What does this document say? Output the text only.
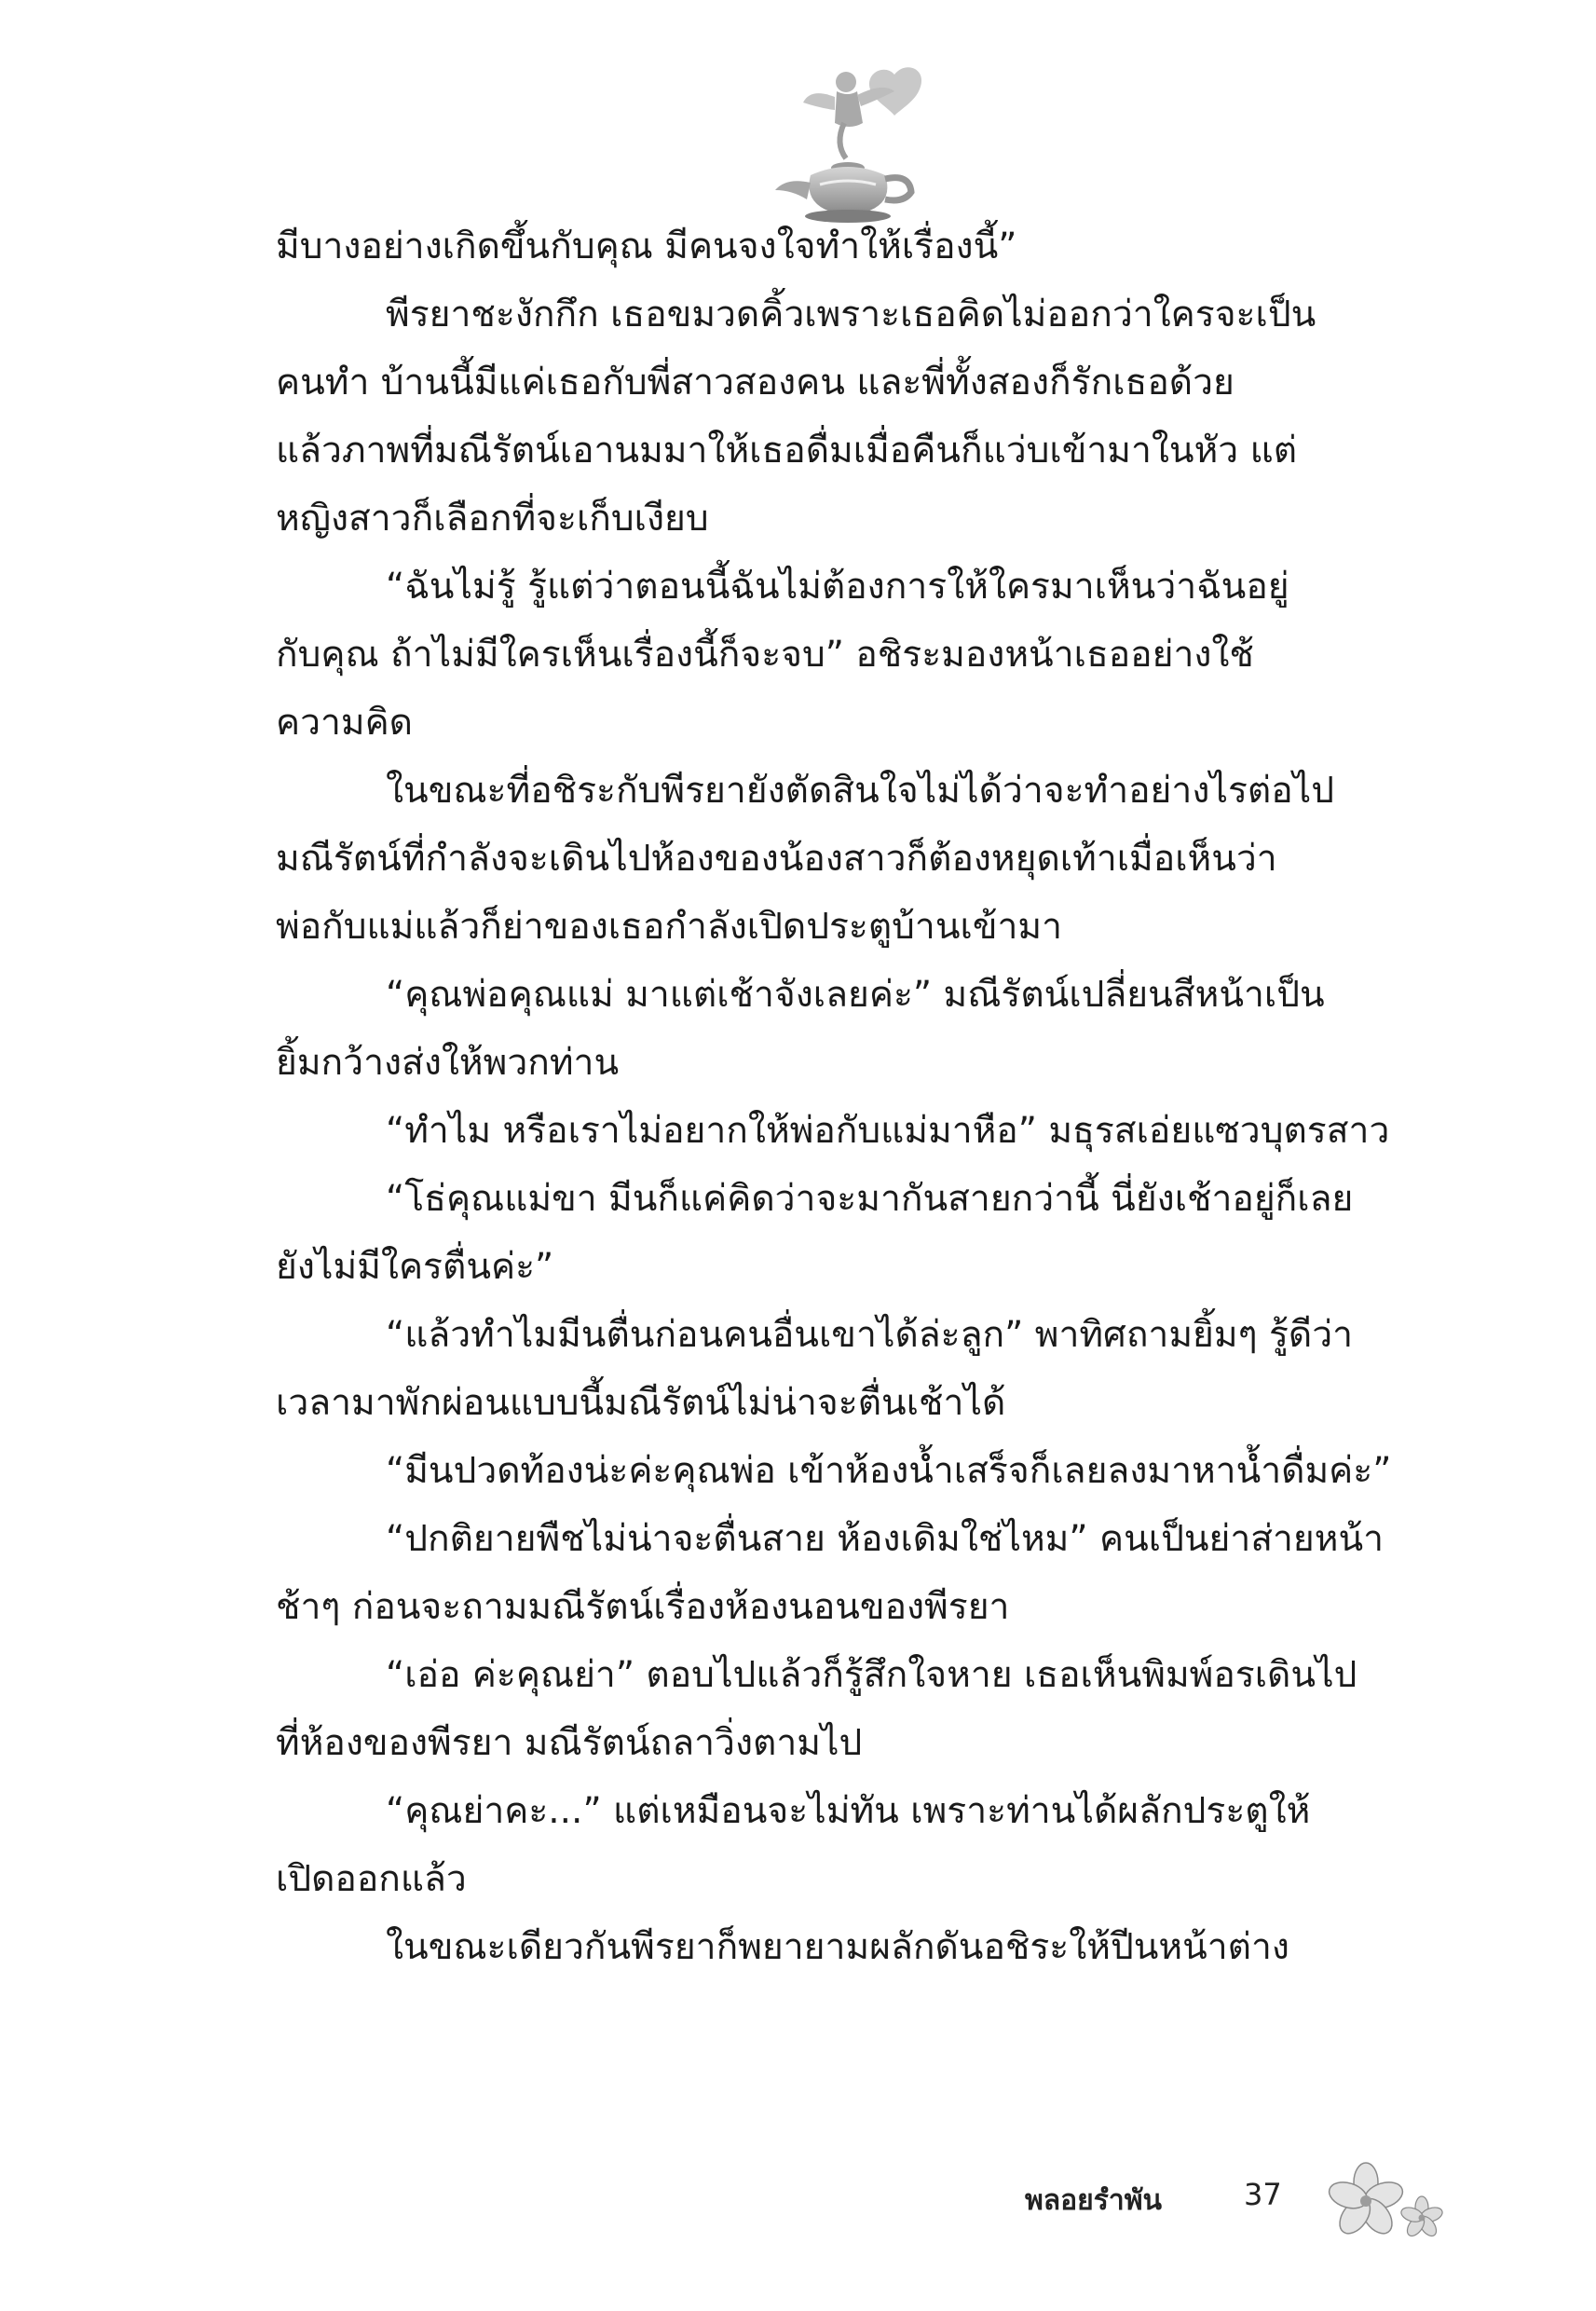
มีบางอย่างเกิดขึ้นกับคุณ มีคนจงใจทำให้เรื่องนี้”
พีรยาชะงักกึก เธอขมวดคิ้วเพราะเธอคิดไม่ออกว่าใครจะเป็น
คนทำ บ้านนี้มีแค่เธอกับพี่สาวสองคน และพี่ทั้งสองก็รักเธอด้วย
แล้วภาพที่มณีรัตน์เอานมมาให้เธอดื่มเมื่อคืนก็แว่บเข้ามาในหัว แต่
หญิงสาวก็เลือกที่จะเก็บเงียบ
“ฉันไม่รู้ รู้แต่ว่าตอนนี้ฉันไม่ต้องการให้ใครมาเห็นว่าฉันอยู่
กับคุณ ถ้าไม่มีใครเห็นเรื่องนี้ก็จะจบ” อชิระมองหน้าเธออย่างใช้
ความคิด
ในขณะที่อชิระกับพีรยายังตัดสินใจไม่ได้ว่าจะทำอย่างไรต่อไป
มณีรัตน์ที่กำลังจะเดินไปห้องของน้องสาวก็ต้องหยุดเท้าเมื่อเห็นว่า
พ่อกับแม่แล้วก็ย่าของเธอกำลังเปิดประตูบ้านเข้ามา
“คุณพ่อคุณแม่ มาแต่เช้าจังเลยค่ะ” มณีรัตน์เปลี่ยนสีหน้าเป็น
ยิ้มกว้างส่งให้พวกท่าน
“ทำไม หรือเราไม่อยากให้พ่อกับแม่มาหือ” มธุรสเอ่ยแซวบุตรสาว
“โธ่คุณแม่ขา มีนก็แค่คิดว่าจะมากันสายกว่านี้ นี่ยังเช้าอยู่ก็เลย
ยังไม่มีใครตื่นค่ะ”
“แล้วทำไมมีนตื่นก่อนคนอื่นเขาได้ล่ะลูก” พาทิศถามยิ้มๆ รู้ดีว่า
เวลามาพักผ่อนแบบนี้มณีรัตน์ไม่น่าจะตื่นเช้าได้
“มีนปวดท้องน่ะค่ะคุณพ่อ เข้าห้องน้ำเสร็จก็เลยลงมาหาน้ำดื่มค่ะ”
“ปกติยายพืชไม่น่าจะตื่นสาย ห้องเดิมใช่ไหม” คนเป็นย่าส่ายหน้า
ช้าๆ ก่อนจะถามมณีรัตน์เรื่องห้องนอนของพีรยา
“เอ่อ ค่ะคุณย่า” ตอบไปแล้วก็รู้สึกใจหาย เธอเห็นพิมพ์อรเดินไป
ที่ห้องของพีรยา มณีรัตน์ถลาวิ่งตามไป
“คุณย่าคะ...” แต่เหมือนจะไม่ทัน เพราะท่านได้ผลักประตูให้
เปิดออกแล้ว
ในขณะเดียวกันพีรยาก็พยายามผลักดันอชิระให้ปีนหน้าต่าง
พลอยรำพัน	37
